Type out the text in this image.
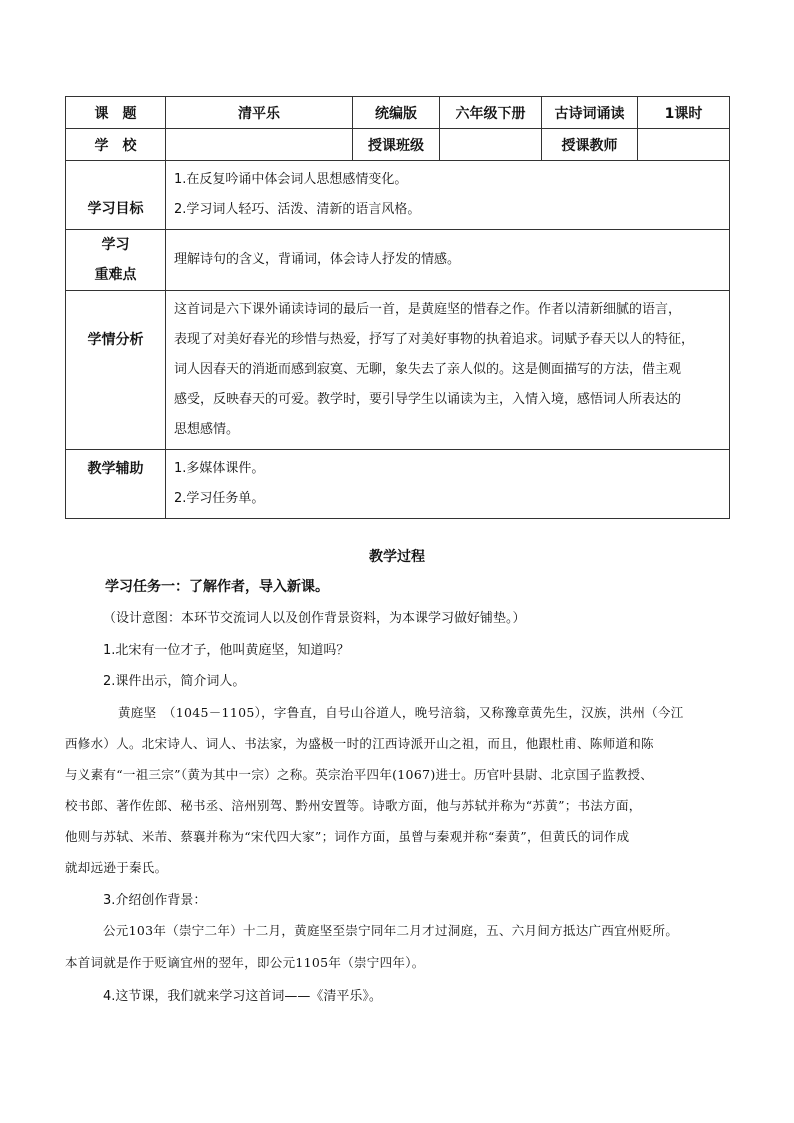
课　题	清平乐	统编版	六年级下册	古诗词诵读	1课时
学　校		授课班级		授课教师	
学习目标	1.在反复吟诵中体会词人思想感情变化。

2.学习词人轻巧、活泼、清新的语言风格。				

学习
重难点	理解诗句的含义，背诵词，体会诗人抒发的情感。				
学情分析	这首词是六下课外诵读诗词的最后一首，是黄庭坚的惜春之作。作者以清新细腻的语言，

表现了对美好春光的珍惜与热爱，抒写了对美好事物的执着追求。词赋予春天以人的特征，

词人因春天的消逝而感到寂寞、无聊，象失去了亲人似的。这是侧面描写的方法，借主观

感受，反映春天的可爱。教学时，要引导学生以诵读为主，入情入境，感悟词人所表达的

思想感情。				

教学辅助	1.多媒体课件。

2.学习任务单。				

教学过程
学习任务一：了解作者，导入新课。
（设计意图：本环节交流词人以及创作背景资料，为本课学习做好铺垫。）
1.北宋有一位才子，他叫黄庭坚，知道吗？
2.课件出示，简介词人。
黄庭坚　（1045－1105），字鲁直，自号山谷道人，晚号涪翁，又称豫章黄先生，汉族，洪州（今江
西修水）人。北宋诗人、词人、书法家，为盛极一时的江西诗派开山之祖，而且，他跟杜甫、陈师道和陈
与义素有“一祖三宗”（黄为其中一宗）之称。英宗治平四年(1067)进士。历官叶县尉、北京国子监教授、
校书郎、著作佐郎、秘书丞、涪州别驾、黔州安置等。诗歌方面，他与苏轼并称为“苏黄”；书法方面，
他则与苏轼、米芾、蔡襄并称为“宋代四大家”；词作方面，虽曾与秦观并称“秦黄”，但黄氏的词作成
就却远逊于秦氏。
3.介绍创作背景：
公元103年（崇宁二年）十二月，黄庭坚至崇宁同年二月才过洞庭，五、六月间方抵达广西宜州贬所。
本首词就是作于贬谪宜州的翌年，即公元1105年（崇宁四年）。
4.这节课，我们就来学习这首词——《清平乐》。
